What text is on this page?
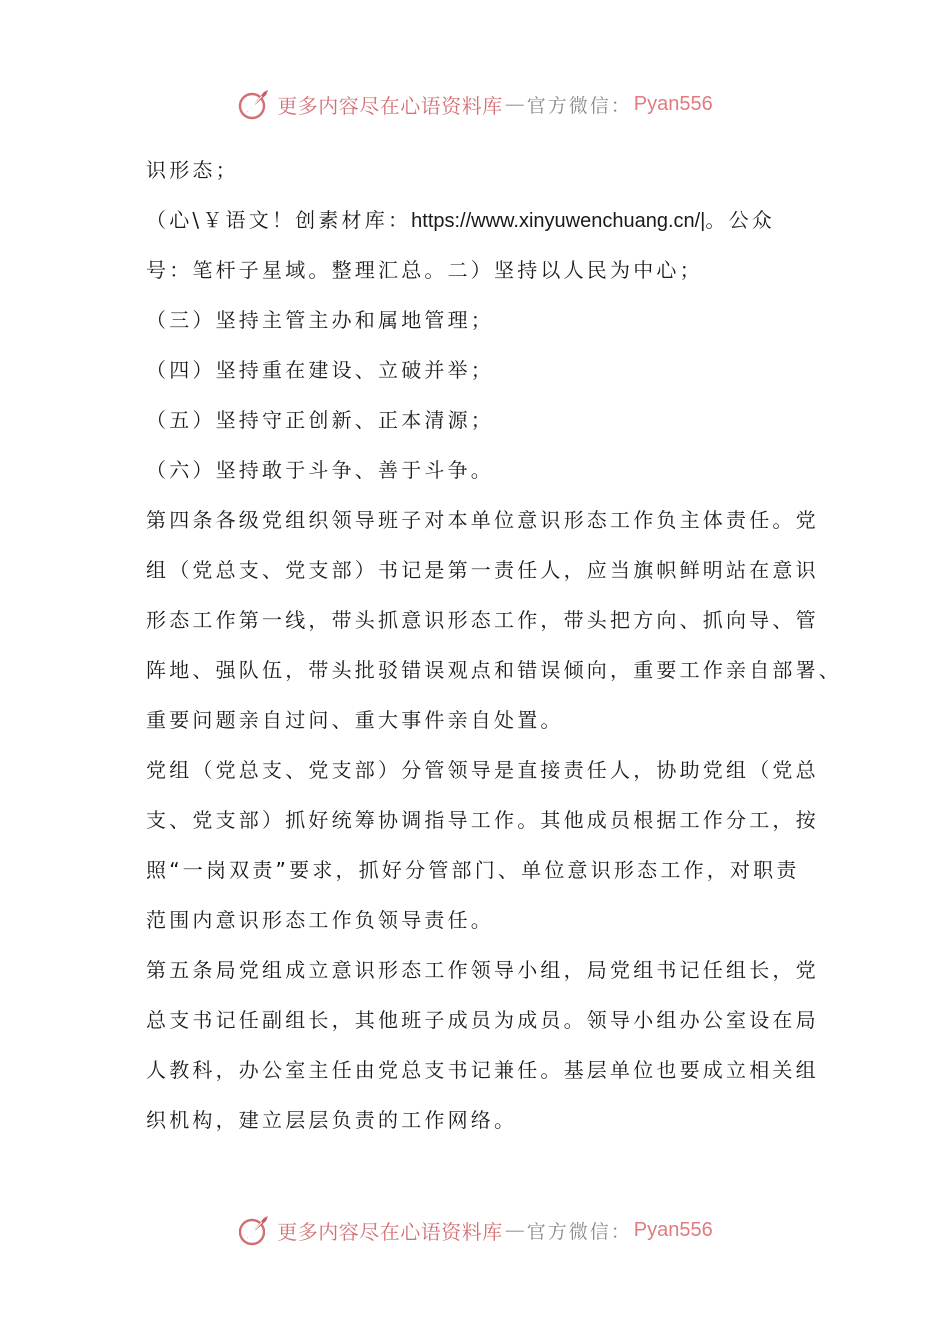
更多内容尽在心语资料库 — 官方微信： Pyan556
识形态；
（心\￥语文！创素材库：https://www.xinyuwenchuang.cn/|。公众
号：笔杆子星域。整理汇总。二）坚持以人民为中心；
（三）坚持主管主办和属地管理；
（四）坚持重在建设、立破并举；
（五）坚持守正创新、正本清源；
（六）坚持敢于斗争、善于斗争。
第四条各级党组织领导班子对本单位意识形态工作负主体责任。党
组（党总支、党支部）书记是第一责任人，应当旗帜鲜明站在意识
形态工作第一线，带头抓意识形态工作，带头把方向、抓向导、管
阵地、强队伍，带头批驳错误观点和错误倾向，重要工作亲自部署、
重要问题亲自过问、重大事件亲自处置。
党组（党总支、党支部）分管领导是直接责任人，协助党组（党总
支、党支部）抓好统筹协调指导工作。其他成员根据工作分工，按
照“一岗双责”要求，抓好分管部门、单位意识形态工作，对职责
范围内意识形态工作负领导责任。
第五条局党组成立意识形态工作领导小组，局党组书记任组长，党
总支书记任副组长，其他班子成员为成员。领导小组办公室设在局
人教科，办公室主任由党总支书记兼任。基层单位也要成立相关组
织机构，建立层层负责的工作网络。
更多内容尽在心语资料库 — 官方微信： Pyan556
